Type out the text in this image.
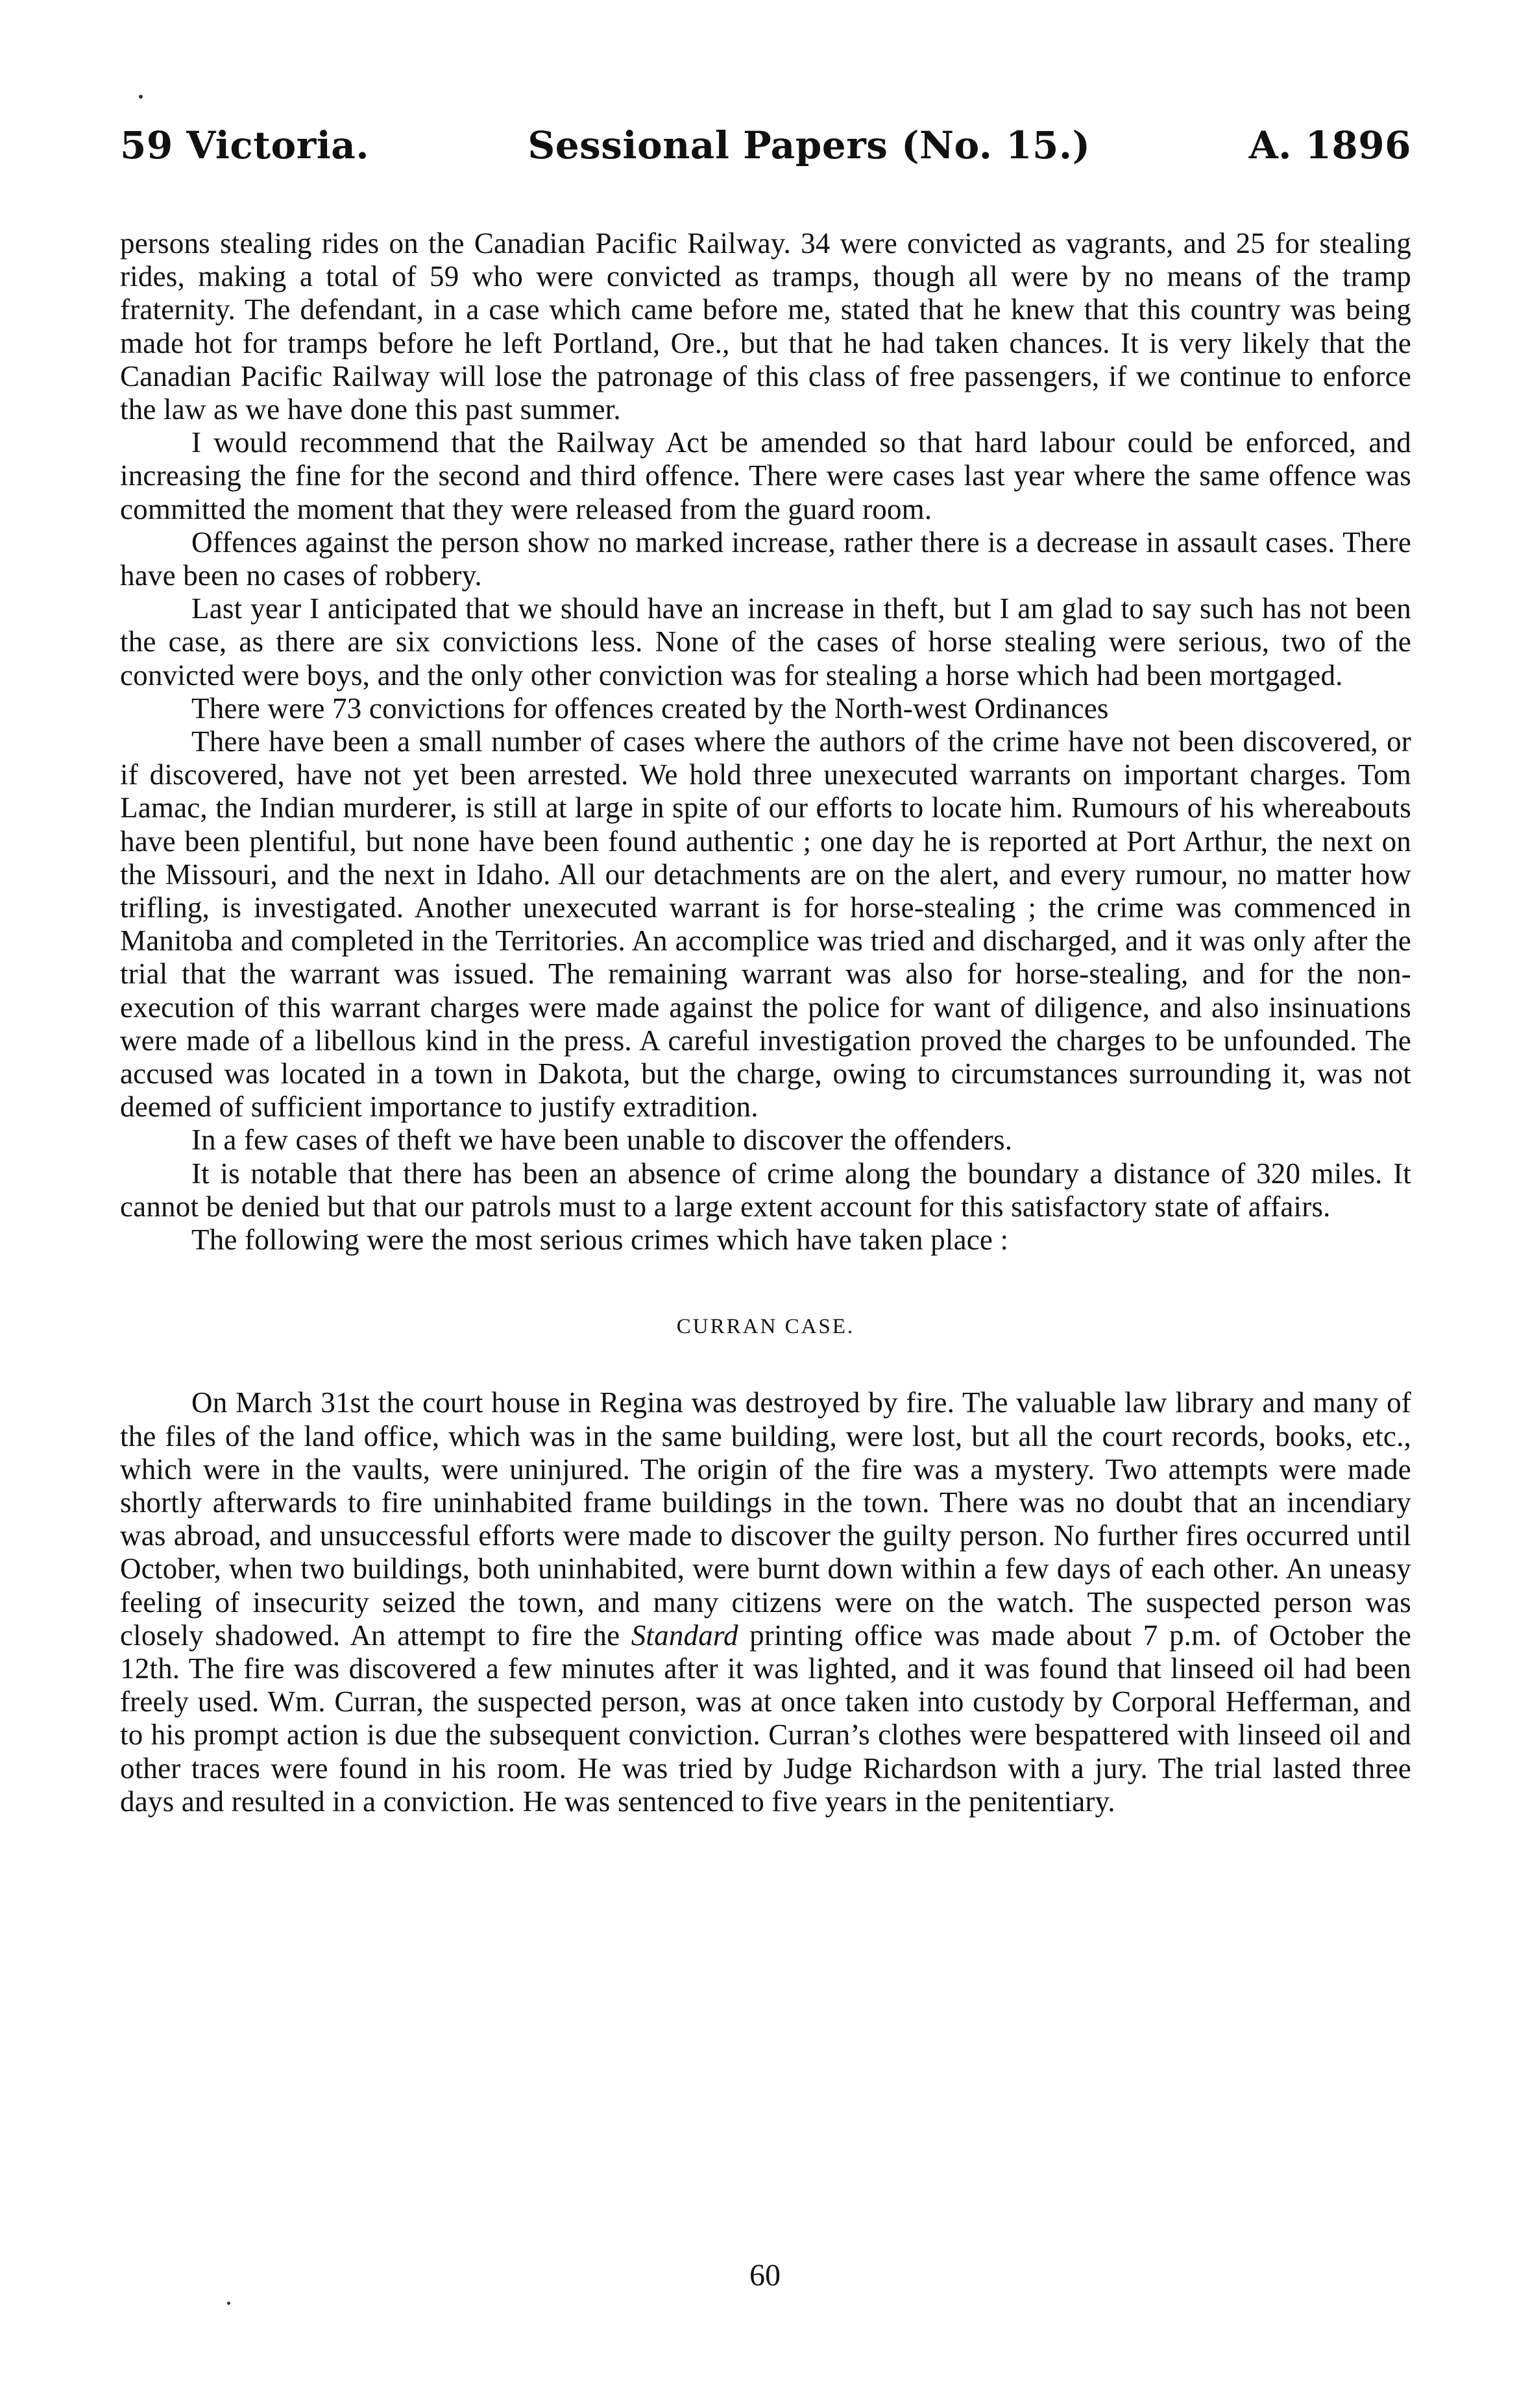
59 Victoria.	Sessional Papers (No. 15.)	A. 1896

persons stealing rides on the Canadian Pacific Railway. 34 were convicted as vagrants, and 25 for stealing rides, making a total of 59 who were convicted as tramps, though all were by no means of the tramp fraternity. The defendant, in a case which came before me, stated that he knew that this country was being made hot for tramps before he left Portland, Ore., but that he had taken chances. It is very likely that the Canadian Pacific Railway will lose the patronage of this class of free passengers, if we continue to enforce the law as we have done this past summer.

I would recommend that the Railway Act be amended so that hard labour could be enforced, and increasing the fine for the second and third offence. There were cases last year where the same offence was committed the moment that they were released from the guard room.

Offences against the person show no marked increase, rather there is a decrease in assault cases. There have been no cases of robbery.

Last year I anticipated that we should have an increase in theft, but I am glad to say such has not been the case, as there are six convictions less. None of the cases of horse stealing were serious, two of the convicted were boys, and the only other conviction was for stealing a horse which had been mortgaged.

There were 73 convictions for offences created by the North-west Ordinances

There have been a small number of cases where the authors of the crime have not been discovered, or if discovered, have not yet been arrested. We hold three unexecuted warrants on important charges. Tom Lamac, the Indian murderer, is still at large in spite of our efforts to locate him. Rumours of his whereabouts have been plentiful, but none have been found authentic ; one day he is reported at Port Arthur, the next on the Missouri, and the next in Idaho. All our detachments are on the alert, and every rumour, no matter how trifling, is investigated. Another unexecuted warrant is for horse-stealing ; the crime was commenced in Manitoba and completed in the Territories. An accomplice was tried and discharged, and it was only after the trial that the warrant was issued. The remaining warrant was also for horse-stealing, and for the non-execution of this warrant charges were made against the police for want of diligence, and also insinuations were made of a libellous kind in the press. A careful investigation proved the charges to be unfounded. The accused was located in a town in Dakota, but the charge, owing to circumstances surrounding it, was not deemed of sufficient importance to justify extradition.

In a few cases of theft we have been unable to discover the offenders.

It is notable that there has been an absence of crime along the boundary a distance of 320 miles. It cannot be denied but that our patrols must to a large extent account for this satisfactory state of affairs.

The following were the most serious crimes which have taken place :

CURRAN CASE.

On March 31st the court house in Regina was destroyed by fire. The valuable law library and many of the files of the land office, which was in the same building, were lost, but all the court records, books, etc., which were in the vaults, were uninjured. The origin of the fire was a mystery. Two attempts were made shortly afterwards to fire uninhabited frame buildings in the town. There was no doubt that an incendiary was abroad, and unsuccessful efforts were made to discover the guilty person. No further fires occurred until October, when two buildings, both uninhabited, were burnt down within a few days of each other. An uneasy feeling of insecurity seized the town, and many citizens were on the watch. The suspected person was closely shadowed. An attempt to fire the Standard printing office was made about 7 p.m. of October the 12th. The fire was discovered a few minutes after it was lighted, and it was found that linseed oil had been freely used. Wm. Curran, the suspected person, was at once taken into custody by Corporal Hefferman, and to his prompt action is due the subsequent conviction. Curran’s clothes were bespattered with linseed oil and other traces were found in his room. He was tried by Judge Richardson with a jury. The trial lasted three days and resulted in a conviction. He was sentenced to five years in the penitentiary.

60
